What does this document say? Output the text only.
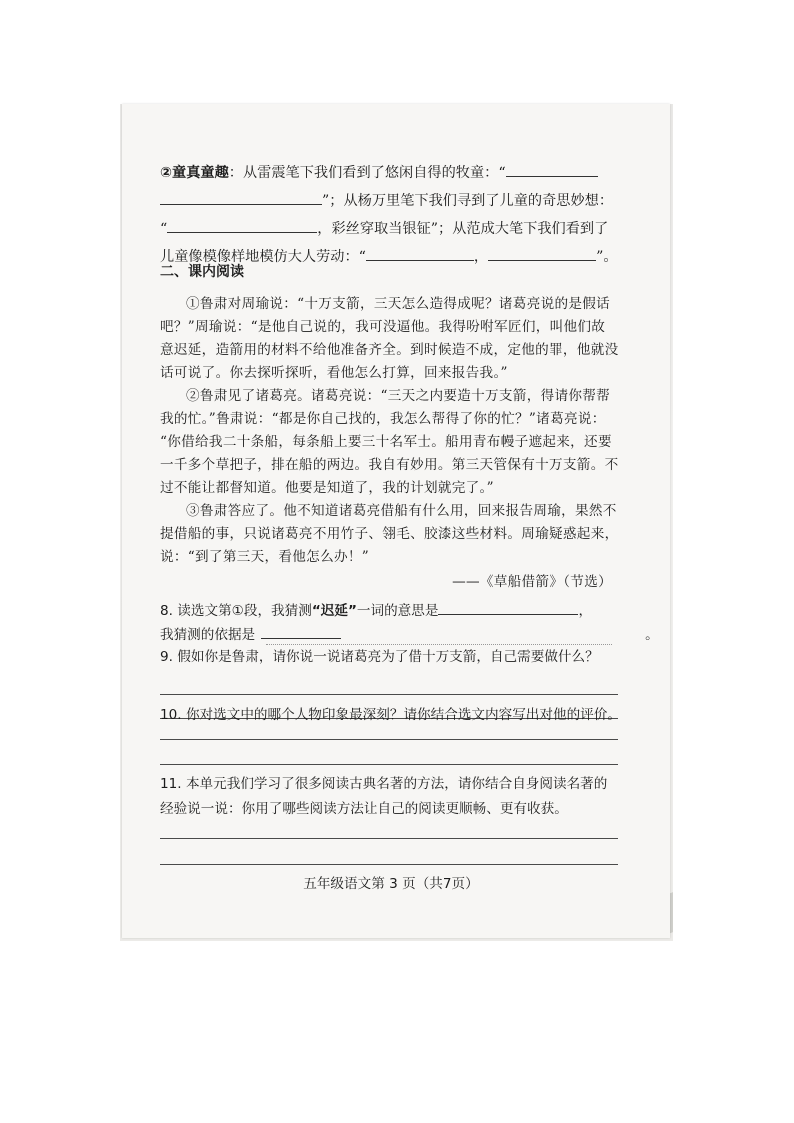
②童真童趣：从雷震笔下我们看到了悠闲自得的牧童：“
”；从杨万里笔下我们寻到了儿童的奇思妙想：
“	，彩丝穿取当银钲”；从范成大笔下我们看到了
儿童像模像样地模仿大人劳动：“	，	”。
二、课内阅读
①鲁肃对周瑜说：“十万支箭，三天怎么造得成呢？诸葛亮说的是假话
吧？”周瑜说：“是他自己说的，我可没逼他。我得吩咐军匠们，叫他们故
意迟延，造箭用的材料不给他准备齐全。到时候造不成，定他的罪，他就没
话可说了。你去探听探听，看他怎么打算，回来报告我。”
②鲁肃见了诸葛亮。诸葛亮说：“三天之内要造十万支箭，得请你帮帮
我的忙。”鲁肃说：“都是你自己找的，我怎么帮得了你的忙？”诸葛亮说：
“你借给我二十条船，每条船上要三十名军士。船用青布幔子遮起来，还要
一千多个草把子，排在船的两边。我自有妙用。第三天管保有十万支箭。不
过不能让都督知道。他要是知道了，我的计划就完了。”
③鲁肃答应了。他不知道诸葛亮借船有什么用，回来报告周瑜，果然不
提借船的事，只说诸葛亮不用竹子、翎毛、胶漆这些材料。周瑜疑惑起来，
说：“到了第三天，看他怎么办！”
——《草船借箭》（节选）
8. 读选文第①段，我猜测“迟延”一词的意思是	，
我猜测的依据是	。
9. 假如你是鲁肃，请你说一说诸葛亮为了借十万支箭，自己需要做什么？
10. 你对选文中的哪个人物印象最深刻？请你结合选文内容写出对他的评价。
11. 本单元我们学习了很多阅读古典名著的方法，请你结合自身阅读名著的
经验说一说：你用了哪些阅读方法让自己的阅读更顺畅、更有收获。
五年级语文第 3 页（共7页）
